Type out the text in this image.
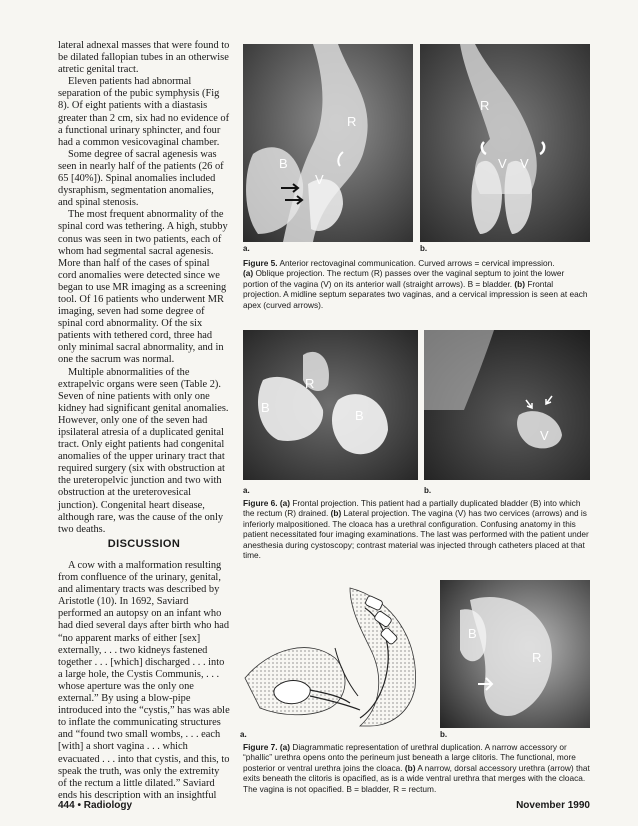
lateral adnexal masses that were found to be dilated fallopian tubes in an otherwise atretic genital tract.

Eleven patients had abnormal separation of the pubic symphysis (Fig 8). Of eight patients with a diastasis greater than 2 cm, six had no evidence of a functional urinary sphincter, and four had a common vesicovaginal chamber.

Some degree of sacral agenesis was seen in nearly half of the patients (26 of 65 [40%]). Spinal anomalies included dysraphism, segmentation anomalies, and spinal stenosis.

The most frequent abnormality of the spinal cord was tethering. A high, stubby conus was seen in two patients, each of whom had segmental sacral agenesis. More than half of the cases of spinal cord anomalies were detected since we began to use MR imaging as a screening tool. Of 16 patients who underwent MR imaging, seven had some degree of spinal cord abnormality. Of the six patients with tethered cord, three had only minimal sacral abnormality, and in one the sacrum was normal.

Multiple abnormalities of the extrapelvic organs were seen (Table 2). Seven of nine patients with only one kidney had significant genital anomalies. However, only one of the seven had ipsilateral atresia of a duplicated genital tract. Only eight patients had congenital anomalies of the upper urinary tract that required surgery (six with obstruction at the ureteropelvic junction and two with obstruction at the ureterovesical junction). Congenital heart disease, although rare, was the cause of the only two deaths.

DISCUSSION

A cow with a malformation resulting from confluence of the urinary, genital, and alimentary tracts was described by Aristotle (10). In 1692, Saviard performed an autopsy on an infant who had died several days after birth who had “no apparent marks of either [sex] externally, . . . two kidneys fastened together . . . [which] discharged . . . into a large hole, the Cystis Communis, . . . whose aperture was the only one external.” By using a blow-pipe introduced into the “cystis,” has was able to inflate the communicating structures and “found two small wombs, . . . each [with] a short vagina . . . which evacuated . . . into that cystis, and this, to speak the truth, was only the extremity of the rectum a little dilated.” Saviard ends his description with an insightful

R
B
V
a.
R
V V
b.
Figure 5. Anterior rectovaginal communication. Curved arrows = cervical impression.
(a) Oblique projection. The rectum (R) passes over the vaginal septum to joint the lower portion of the vagina (V) on its anterior wall (straight arrows). B = bladder. (b) Frontal projection. A midline septum separates two vaginas, and a cervical impression is seen at each apex (curved arrows).
R
B
B
a.
V
b.
Figure 6. (a) Frontal projection. This patient had a partially duplicated bladder (B) into which the rectum (R) drained. (b) Lateral projection. The vagina (V) has two cervices (arrows) and is inferiorly malpositioned. The cloaca has a urethral configuration. Confusing anatomy in this patient necessitated four imaging examinations. The last was performed with the patient under anesthesia during cystoscopy; contrast material was injected through catheters placed at that time.
a.
B
R
b.
Figure 7. (a) Diagrammatic representation of urethral duplication. A narrow accessory or “phallic” urethra opens onto the perineum just beneath a large clitoris. The functional, more posterior or ventral urethra joins the cloaca. (b) A narrow, dorsal accessory urethra (arrow) that exits beneath the clitoris is opacified, as is a wide ventral urethra that merges with the cloaca. The vagina is not opacified. B = bladder, R = rectum.
444 • Radiology	November 1990
